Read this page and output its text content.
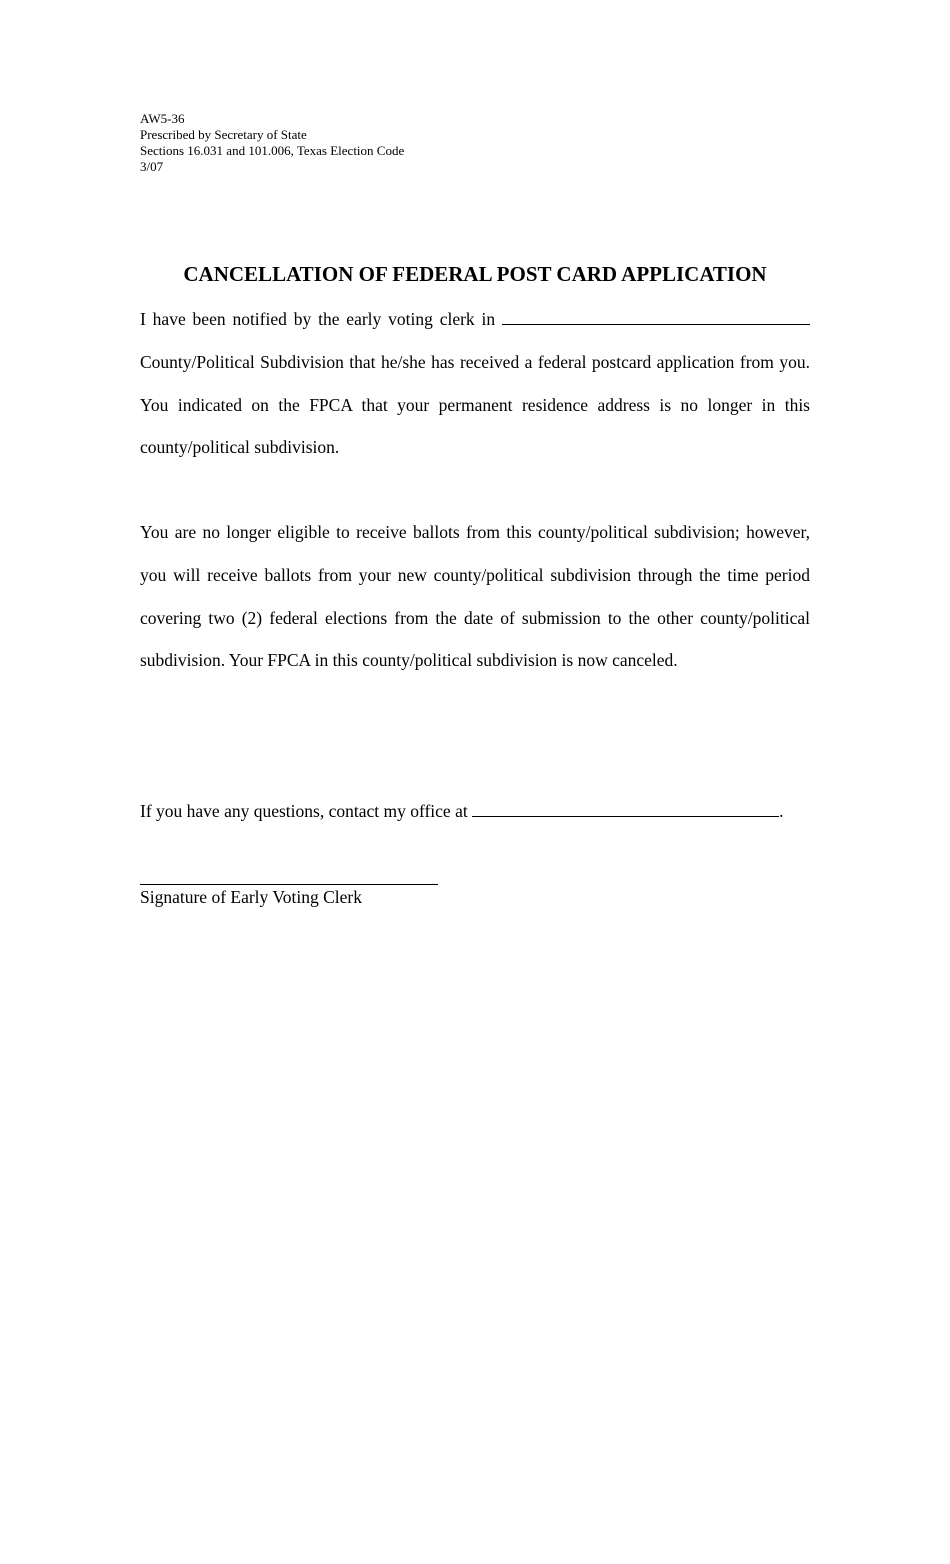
AW5-36
Prescribed by Secretary of State
Sections 16.031 and 101.006, Texas Election Code
3/07
CANCELLATION OF FEDERAL POST CARD APPLICATION

I have been notified by the early voting clerk in  County/Political Subdivision that he/she has received a federal postcard application from you. You indicated on the FPCA that your permanent residence address is no longer in this county/political subdivision.

You are no longer eligible to receive ballots from this county/political subdivision; however, you will receive ballots from your new county/political subdivision through the time period covering two (2) federal elections from the date of submission to the other county/political subdivision. Your FPCA in this county/political subdivision is now canceled.

If you have any questions, contact my office at	.

Signature of Early Voting Clerk
